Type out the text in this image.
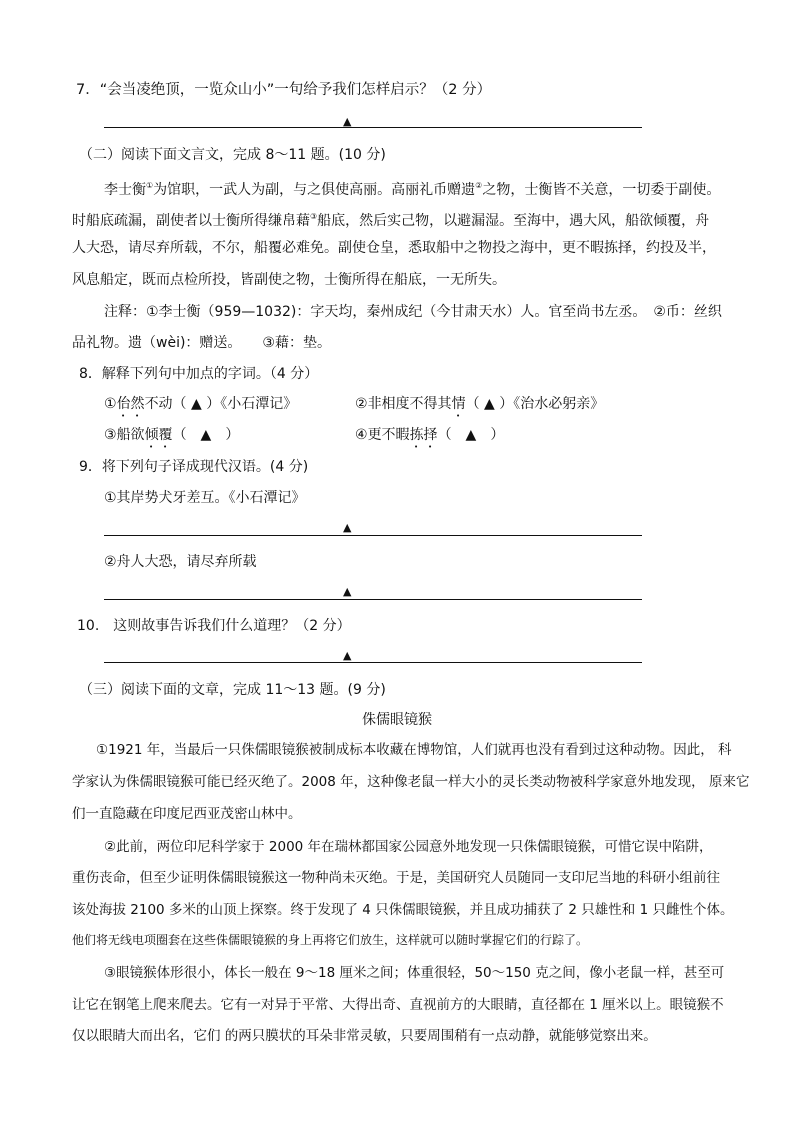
7．“会当凌绝顶，一览众山小”一句给予我们怎样启示？（2 分）
▲
（二）阅读下面文言文，完成 8～11 题。(10 分)
李士衡①为馆职，一武人为副，与之俱使高丽。高丽礼币赠遗②之物，士衡皆不关意，一切委于副使。
时船底疏漏，副使者以士衡所得缣帛藉③船底，然后实己物，以避漏湿。至海中，遇大风，船欲倾覆，舟
人大恐，请尽弃所载，不尔，船覆必难免。副使仓皇，悉取船中之物投之海中，更不暇拣择，约投及半，
风息船定，既而点检所投，皆副使之物，士衡所得在船底，一无所失。
注释：①李士衡（959—1032)：字天均，秦州成纪（今甘肃天水）人。官至尚书左丞。　②币：丝织
品礼物。遗（wèi)：赠送。　　③藉：垫。
8．解释下列句中加点的字词。（4 分）
①佁然不动（ ▲ ）《小石潭记》	②非相度不得其情（ ▲ ）《治水必躬亲》
③船欲倾覆（　▲　）	④更不暇拣择（　▲　）
9．将下列句子译成现代汉语。(4 分)
①其岸势犬牙差互。《小石潭记》
▲
②舟人大恐，请尽弃所载
▲
10.　这则故事告诉我们什么道理？（2 分）
▲
（三）阅读下面的文章，完成 11～13 题。(9 分)
侏儒眼镜猴
①1921 年，当最后一只侏儒眼镜猴被制成标本收藏在博物馆，人们就再也没有看到过这种动物。因此， 科
学家认为侏儒眼镜猴可能已经灭绝了。2008 年，这种像老鼠一样大小的灵长类动物被科学家意外地发现， 原来它
们一直隐藏在印度尼西亚茂密山林中。
②此前，两位印尼科学家于 2000 年在瑞林都国家公园意外地发现一只侏儒眼镜猴，可惜它误中陷阱，
重伤丧命，但至少证明侏儒眼镜猴这一物种尚未灭绝。于是，美国研究人员随同一支印尼当地的科研小组前往
该处海拔 2100 多米的山顶上探察。终于发现了 4 只侏儒眼镜猴，并且成功捕获了 2 只雄性和 1 只雌性个体。
他们将无线电项圈套在这些侏儒眼镜猴的身上再将它们放生，这样就可以随时掌握它们的行踪了。
③眼镜猴体形很小，体长一般在 9～18 厘米之间；体重很轻，50～150 克之间，像小老鼠一样，甚至可
让它在钢笔上爬来爬去。它有一对异于平常、大得出奇、直视前方的大眼睛，直径都在 1 厘米以上。眼镜猴不
仅以眼睛大而出名，它们 的两只膜状的耳朵非常灵敏，只要周围稍有一点动静，就能够觉察出来。
